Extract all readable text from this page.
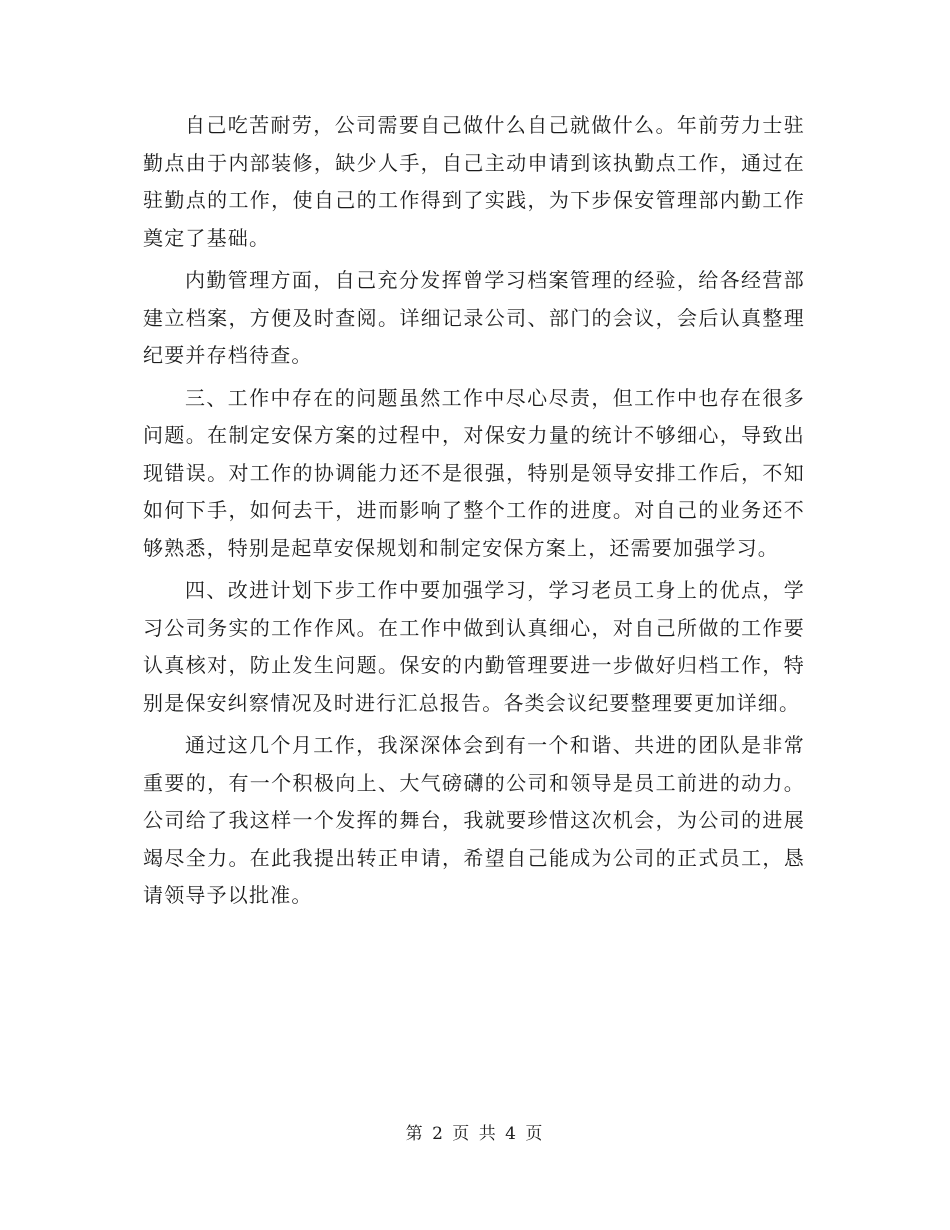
自己吃苦耐劳，公司需要自己做什么自己就做什么。年前劳力士驻勤点由于内部装修，缺少人手，自己主动申请到该执勤点工作，通过在驻勤点的工作，使自己的工作得到了实践，为下步保安管理部内勤工作奠定了基础。

内勤管理方面，自己充分发挥曾学习档案管理的经验，给各经营部建立档案，方便及时查阅。详细记录公司、部门的会议，会后认真整理纪要并存档待查。

三、工作中存在的问题虽然工作中尽心尽责，但工作中也存在很多问题。在制定安保方案的过程中，对保安力量的统计不够细心，导致出现错误。对工作的协调能力还不是很强，特别是领导安排工作后，不知如何下手，如何去干，进而影响了整个工作的进度。对自己的业务还不够熟悉，特别是起草安保规划和制定安保方案上，还需要加强学习。

四、改进计划下步工作中要加强学习，学习老员工身上的优点，学习公司务实的工作作风。在工作中做到认真细心，对自己所做的工作要认真核对，防止发生问题。保安的内勤管理要进一步做好归档工作，特别是保安纠察情况及时进行汇总报告。各类会议纪要整理要更加详细。

通过这几个月工作，我深深体会到有一个和谐、共进的团队是非常重要的，有一个积极向上、大气磅礴的公司和领导是员工前进的动力。公司给了我这样一个发挥的舞台，我就要珍惜这次机会，为公司的进展竭尽全力。在此我提出转正申请，希望自己能成为公司的正式员工，恳请领导予以批准。

第 2 页 共 4 页
